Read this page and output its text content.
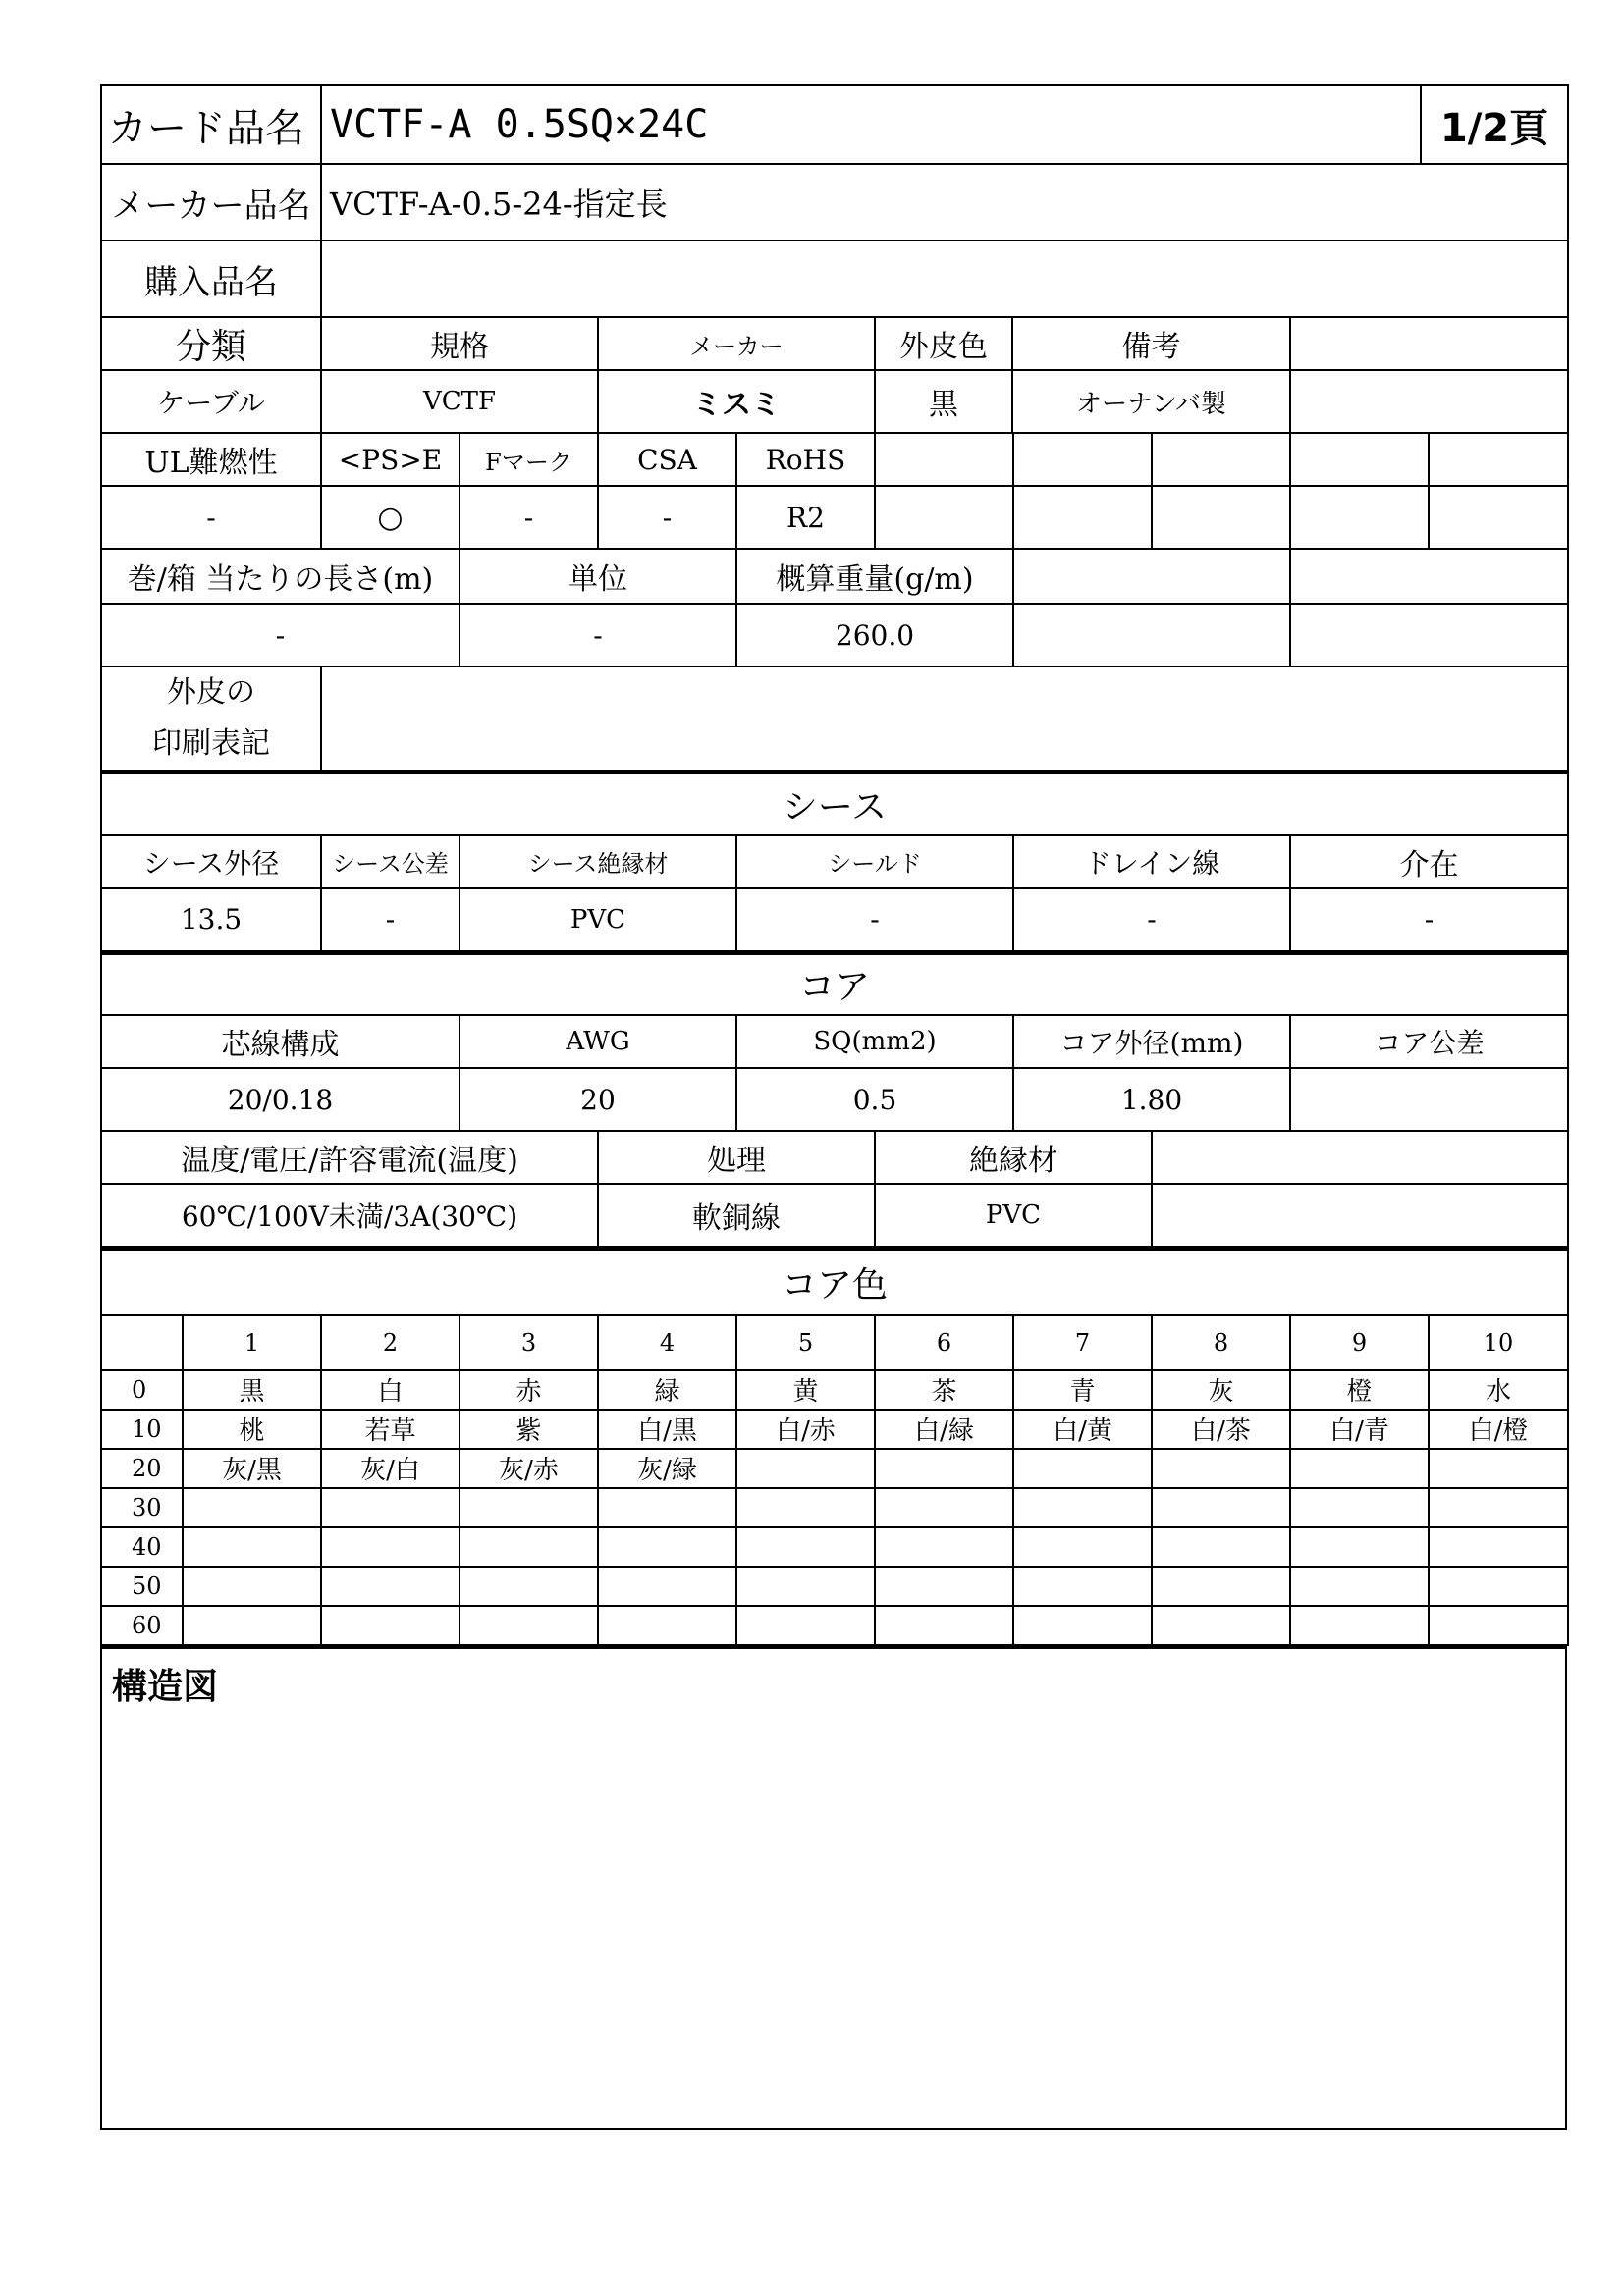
カード品名	VCTF-A 0.5SQ×24C	1/2頁
メーカー品名	VCTF-A-0.5-24-指定長	
購入品名		
分類	規格	メーカー	外皮色	備考	
ケーブル	VCTF	ミスミ	黒	オーナンバ製	
UL難燃性	<PS>E	Fマーク	CSA	RoHS					
-	○	-	-	R2					
巻/箱 当たりの長さ(m)	単位	概算重量(g/m)		
-	-	260.0		
外皮の
印刷表記

シース					
シース外径	シース公差	シース絶縁材	シールド	ドレイン線	介在
13.5	-	PVC	-	-	-
コア				
芯線構成	AWG	SQ(mm2)	コア外径(mm)	コア公差
20/0.18	20	0.5	1.80	
温度/電圧/許容電流(温度)	処理	絶縁材	
60℃/100V未満/3A(30℃)	軟銅線	PVC	
コア色										
	1	2	3	4	5	6	7	8	9	10
0	黒	白	赤	緑	黄	茶	青	灰	橙	水
10	桃	若草	紫	白/黒	白/赤	白/緑	白/黄	白/茶	白/青	白/橙
20	灰/黒	灰/白	灰/赤	灰/緑						
30										
40										
50										
60										
構造図
